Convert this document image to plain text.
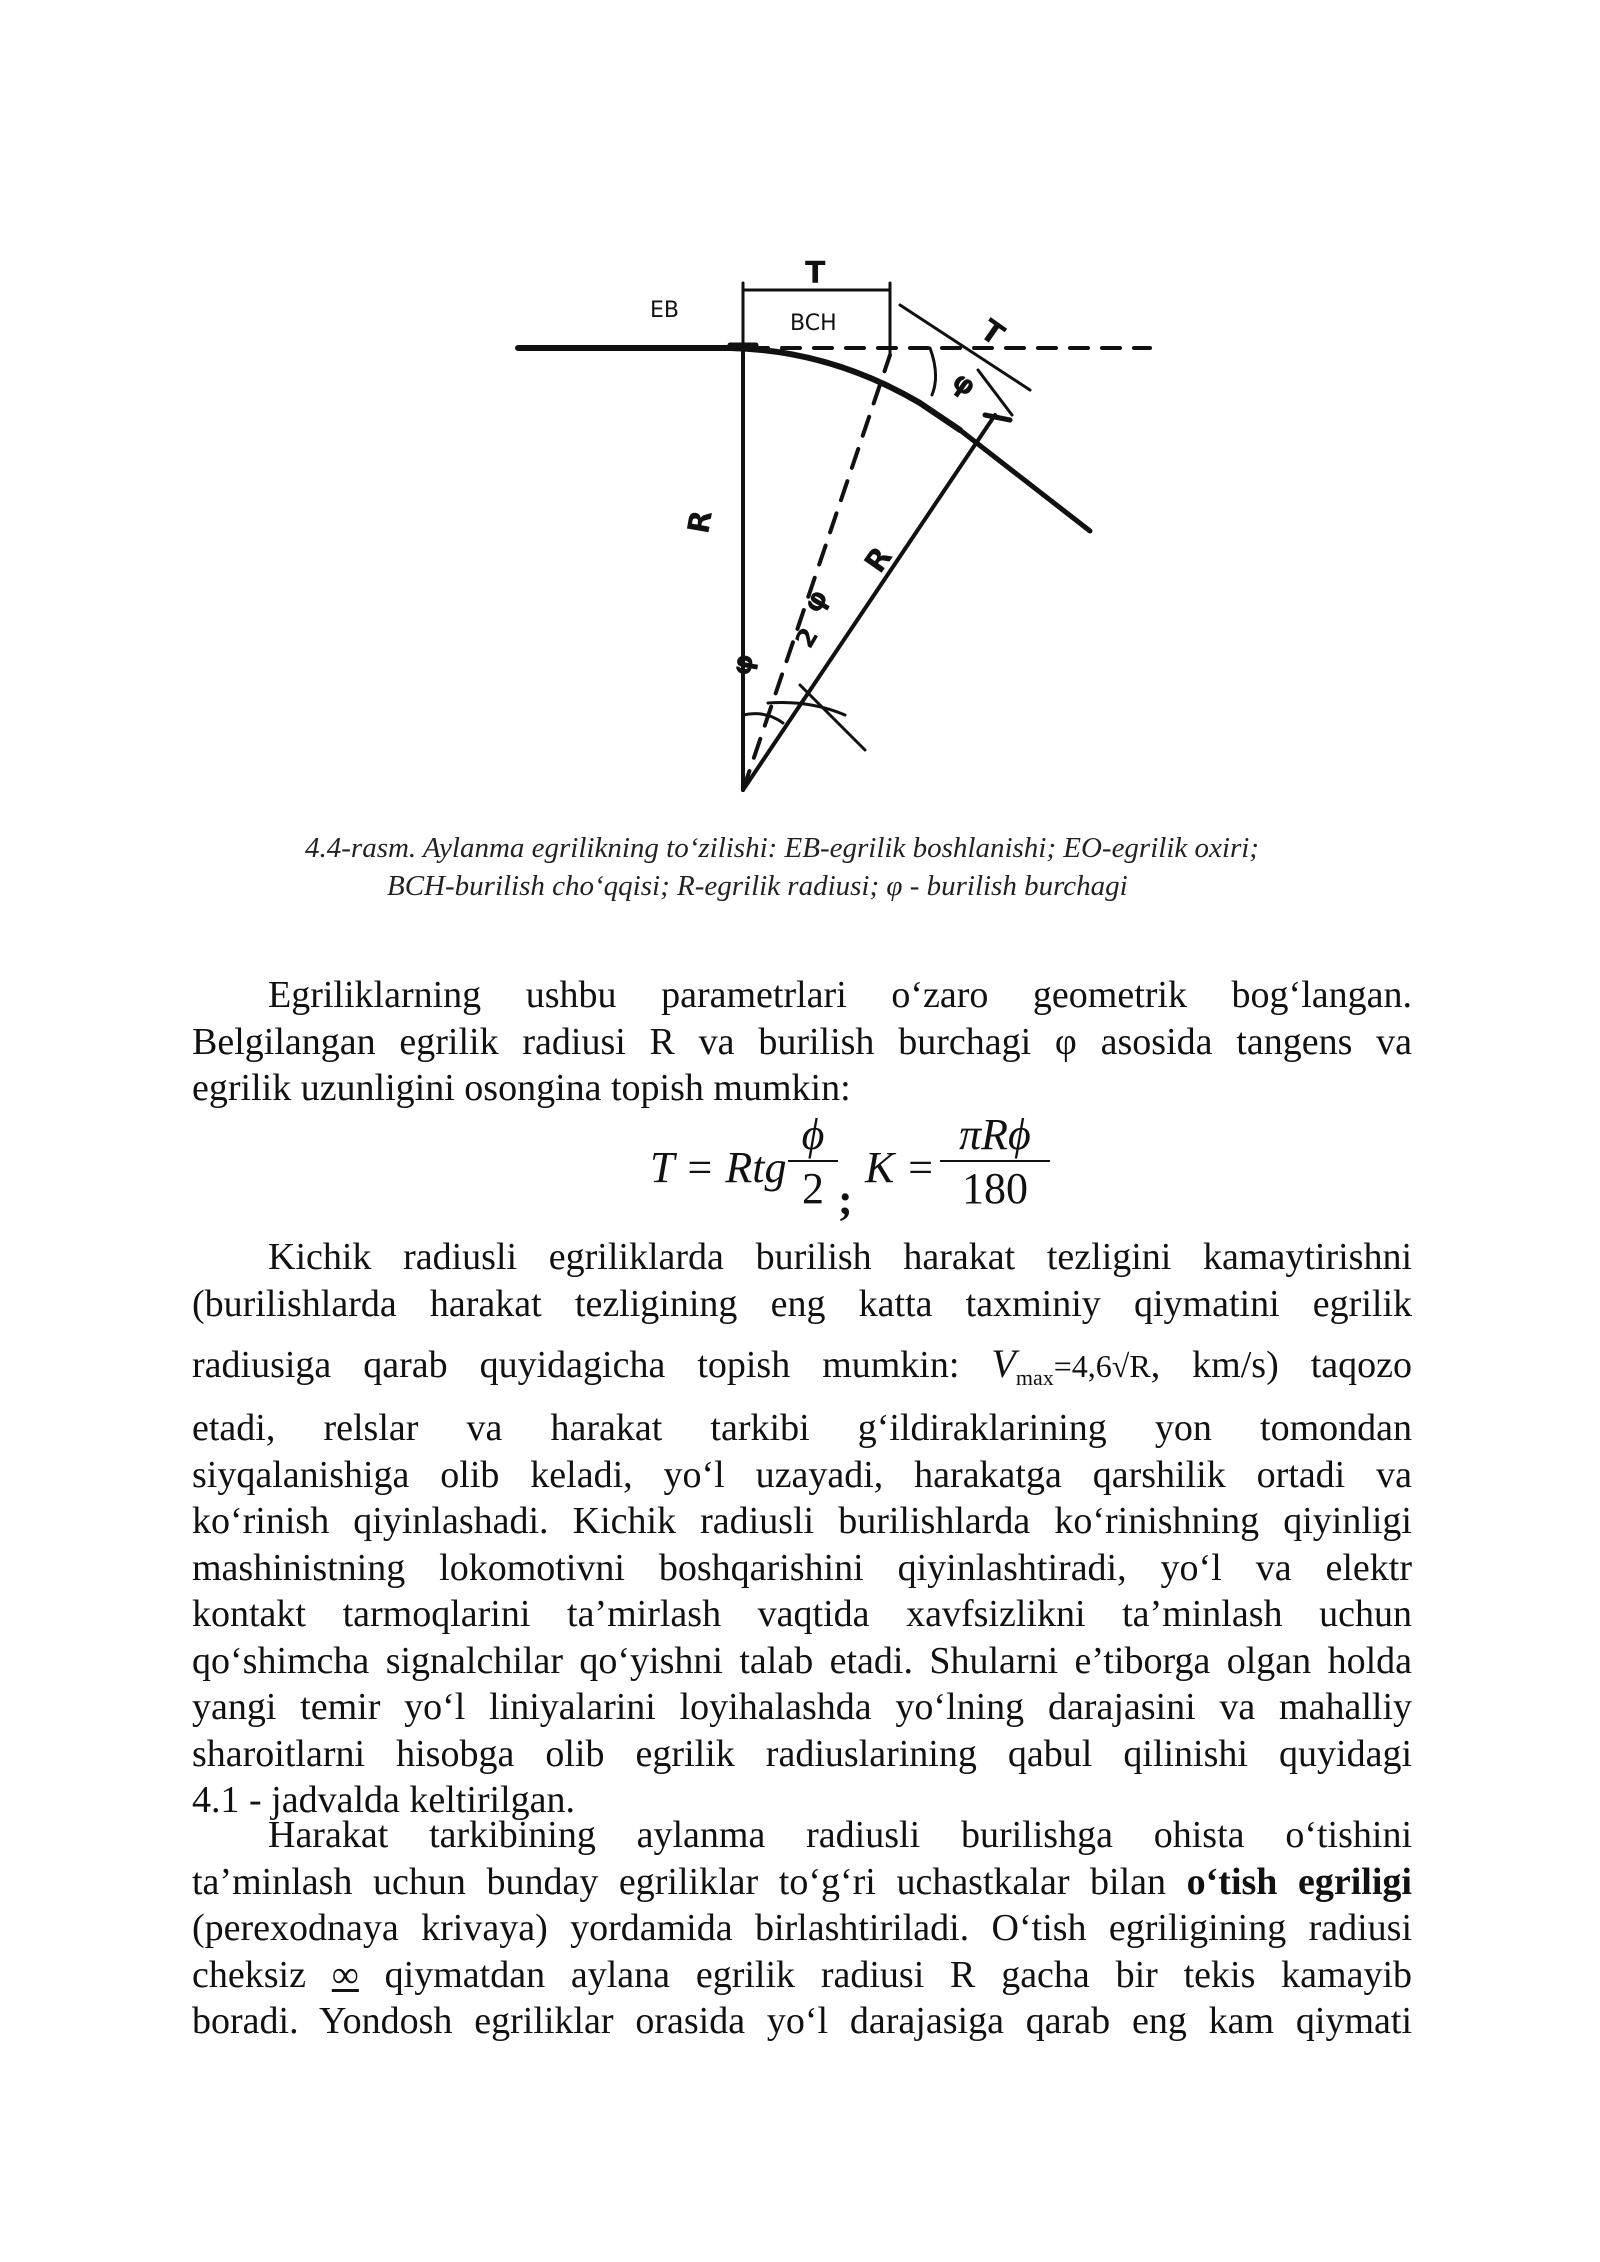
EB
BCH
T
T
φ
R
R
φ
2
φ
4.4-rasm. Aylanma egrilikning to‘zilishi: EB-egrilik boshlanishi; EO-egrilik oxiri;
BCH-burilish cho‘qqisi; R-egrilik radiusi; φ - burilish burchagi
Egriliklarning ushbu parametrlari o‘zaro geometrik bog‘langan.
Belgilangan egrilik radiusi R va burilish burchagi φ asosida tangens va
egrilik uzunligini osongina topish mumkin:
T = Rtg $\frac{\phi}{2}$ ;
K =
πRϕ
180
Kichik radiusli egriliklarda burilish harakat tezligini kamaytirishni
(burilishlarda harakat tezligining eng katta taxminiy qiymatini egrilik
radiusiga qarab quyidagicha topish mumkin: $V_{max}=4,6√R$, km/s) taqozo
etadi, relslar va harakat tarkibi g‘ildiraklarining yon tomondan
siyqalanishiga olib keladi, yo‘l uzayadi, harakatga qarshilik ortadi va
ko‘rinish qiyinlashadi. Kichik radiusli burilishlarda ko‘rinishning qiyinligi
mashinistning lokomotivni boshqarishini qiyinlashtiradi, yo‘l va elektr
kontakt tarmoqlarini ta’mirlash vaqtida xavfsizlikni ta’minlash uchun
qo‘shimcha signalchilar qo‘yishni talab etadi. Shularni e’tiborga olgan holda
yangi temir yo‘l liniyalarini loyihalashda yo‘lning darajasini va mahalliy
sharoitlarni hisobga olib egrilik radiuslarining qabul qilinishi quyidagi
4.1 - jadvalda keltirilgan.
Harakat tarkibining aylanma radiusli burilishga ohista o‘tishini
ta’minlash uchun bunday egriliklar to‘g‘ri uchastkalar bilan o‘tish egriligi
(perexodnaya krivaya) yordamida birlashtiriladi. O‘tish egriligining radiusi
cheksiz ∞ qiymatdan aylana egrilik radiusi R gacha bir tekis kamayib
boradi. Yondosh egriliklar orasida yo‘l darajasiga qarab eng kam qiymati
